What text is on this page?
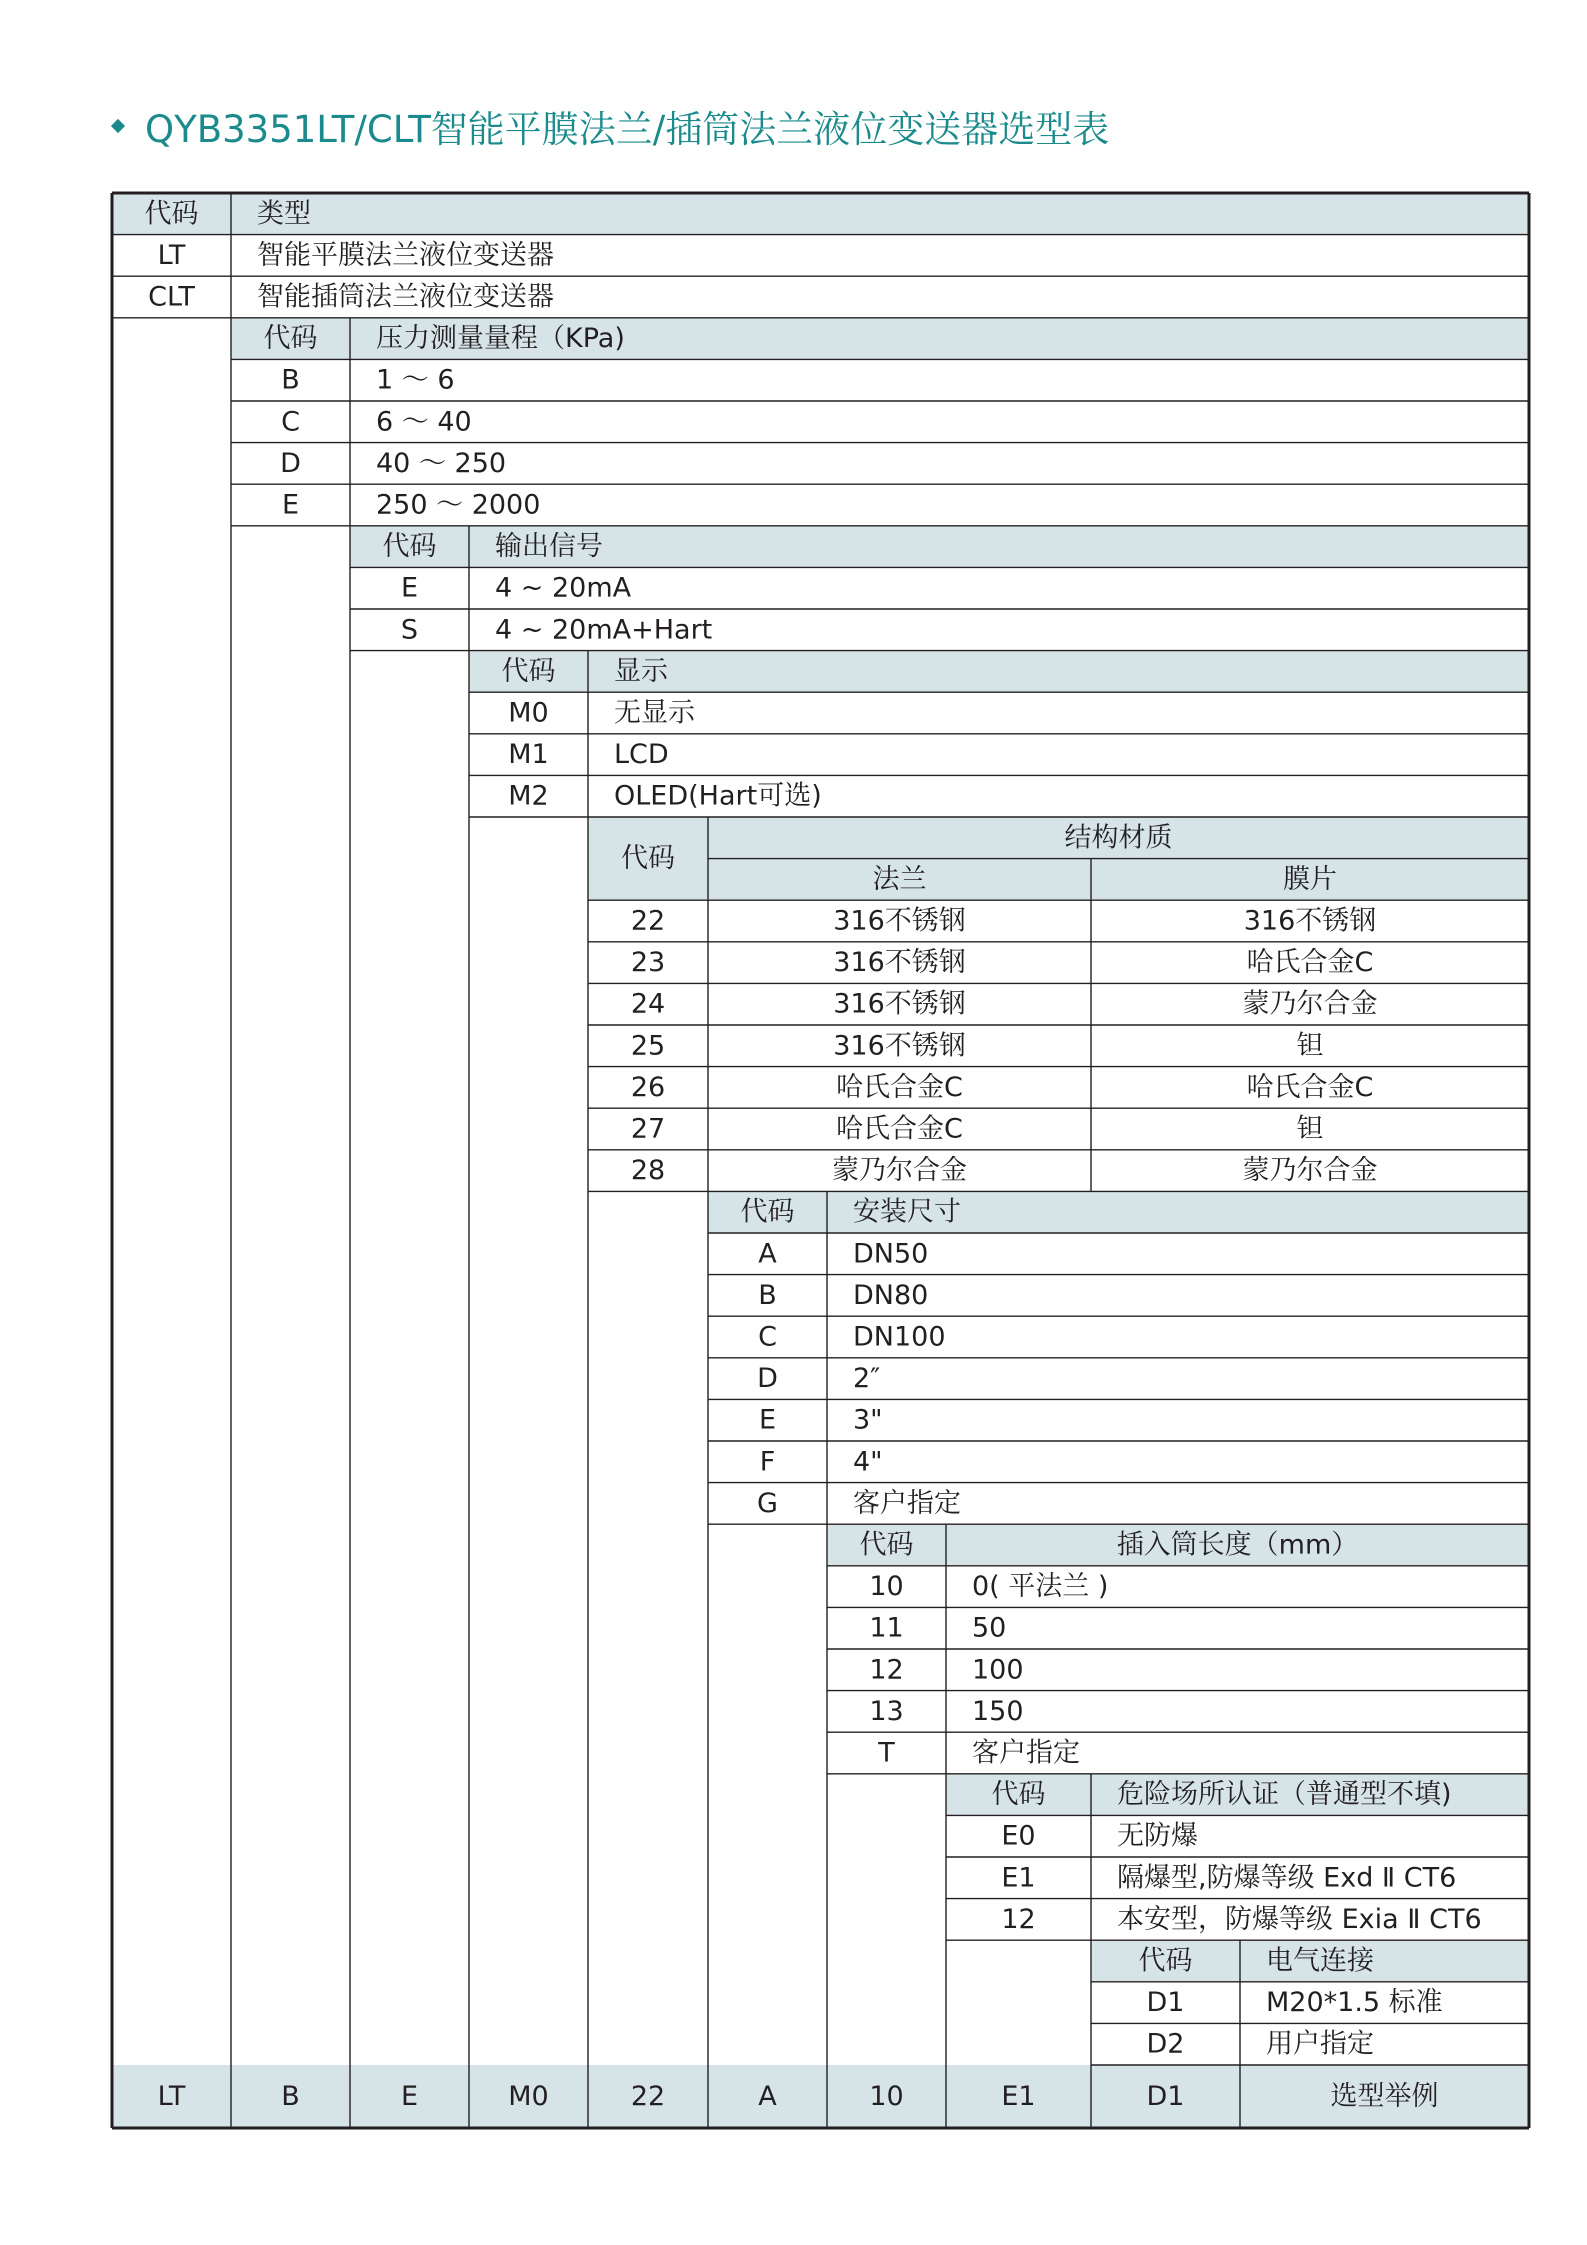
QYB3351LT/CLT智能平膜法兰/插筒法兰液位变送器选型表
代码 类型
LT	智能平膜法兰液位变送器
CLT 智能插筒法兰液位变送器
代码 压力测量量程（KPa)
B	1 ～ 6
C	6 ～ 40
D	40 ～ 250
E	250 ～ 2000
代码 输出信号
E	4 ~ 20mA
S	4 ~ 20mA+Hart
代码 显示
M0 无显示
M1 LCD
M2 OLED(Hart可选)
代码 安装尺寸
A	DN50
B	DN80
C	DN100
D	2″
E	3"
F	4"
G	客户指定
代码	插入筒长度（mm）
10	0( 平法兰 )
11	50
12	100
13	150
T	客户指定
代码	危险场所认证（普通型不填)
E0	无防爆
E1	隔爆型,防爆等级 Exd Ⅱ CT6
12	本安型，防爆等级 Exia Ⅱ CT6
代码	电气连接
D1	M20*1.5 标准
D2	用户指定
代码
结构材质
法兰	膜片
22	316不锈钢	316不锈钢
23	316不锈钢	哈氏合金C
24	316不锈钢	蒙乃尔合金
25	316不锈钢	钽
26	哈氏合金C	哈氏合金C
27	哈氏合金C	钽
28	蒙乃尔合金	蒙乃尔合金
LT	B	E	M0	22	A	10	E1	D1	选型举例
